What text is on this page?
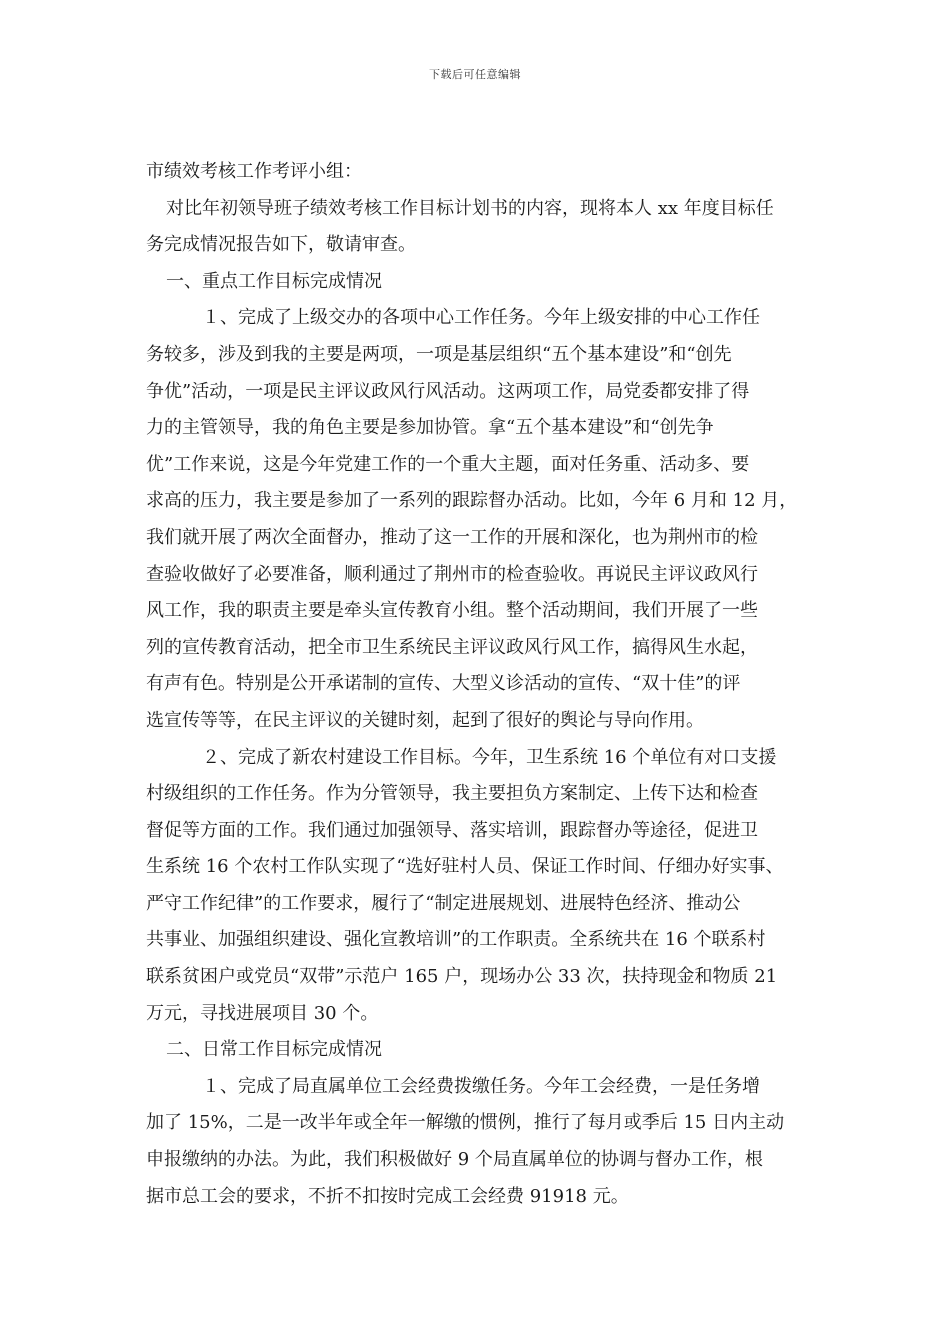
下载后可任意编辑
市绩效考核工作考评小组：
对比年初领导班子绩效考核工作目标计划书的内容，现将本人 xx 年度目标任
务完成情况报告如下，敬请审查。
一、重点工作目标完成情况
１、完成了上级交办的各项中心工作任务。今年上级安排的中心工作任
务较多，涉及到我的主要是两项，一项是基层组织“五个基本建设”和“创先
争优”活动，一项是民主评议政风行风活动。这两项工作，局党委都安排了得
力的主管领导，我的角色主要是参加协管。拿“五个基本建设”和“创先争
优”工作来说，这是今年党建工作的一个重大主题，面对任务重、活动多、要
求高的压力，我主要是参加了一系列的跟踪督办活动。比如，今年 6 月和 12 月，
我们就开展了两次全面督办，推动了这一工作的开展和深化，也为荆州市的检
查验收做好了必要准备，顺利通过了荆州市的检查验收。再说民主评议政风行
风工作，我的职责主要是牵头宣传教育小组。整个活动期间，我们开展了一些
列的宣传教育活动，把全市卫生系统民主评议政风行风工作，搞得风生水起，
有声有色。特别是公开承诺制的宣传、大型义诊活动的宣传、“双十佳”的评
选宣传等等，在民主评议的关键时刻，起到了很好的舆论与导向作用。
２、完成了新农村建设工作目标。今年，卫生系统 16 个单位有对口支援
村级组织的工作任务。作为分管领导，我主要担负方案制定、上传下达和检查
督促等方面的工作。我们通过加强领导、落实培训，跟踪督办等途径，促进卫
生系统 16 个农村工作队实现了“选好驻村人员、保证工作时间、仔细办好实事、
严守工作纪律”的工作要求，履行了“制定进展规划、进展特色经济、推动公
共事业、加强组织建设、强化宣教培训”的工作职责。全系统共在 16 个联系村
联系贫困户或党员“双带”示范户 165 户，现场办公 33 次，扶持现金和物质 21
万元，寻找进展项目 30 个。
二、日常工作目标完成情况
１、完成了局直属单位工会经费拨缴任务。今年工会经费，一是任务增
加了 15%，二是一改半年或全年一解缴的惯例，推行了每月或季后 15 日内主动
申报缴纳的办法。为此，我们积极做好 9 个局直属单位的协调与督办工作，根
据市总工会的要求，不折不扣按时完成工会经费 91918 元。
